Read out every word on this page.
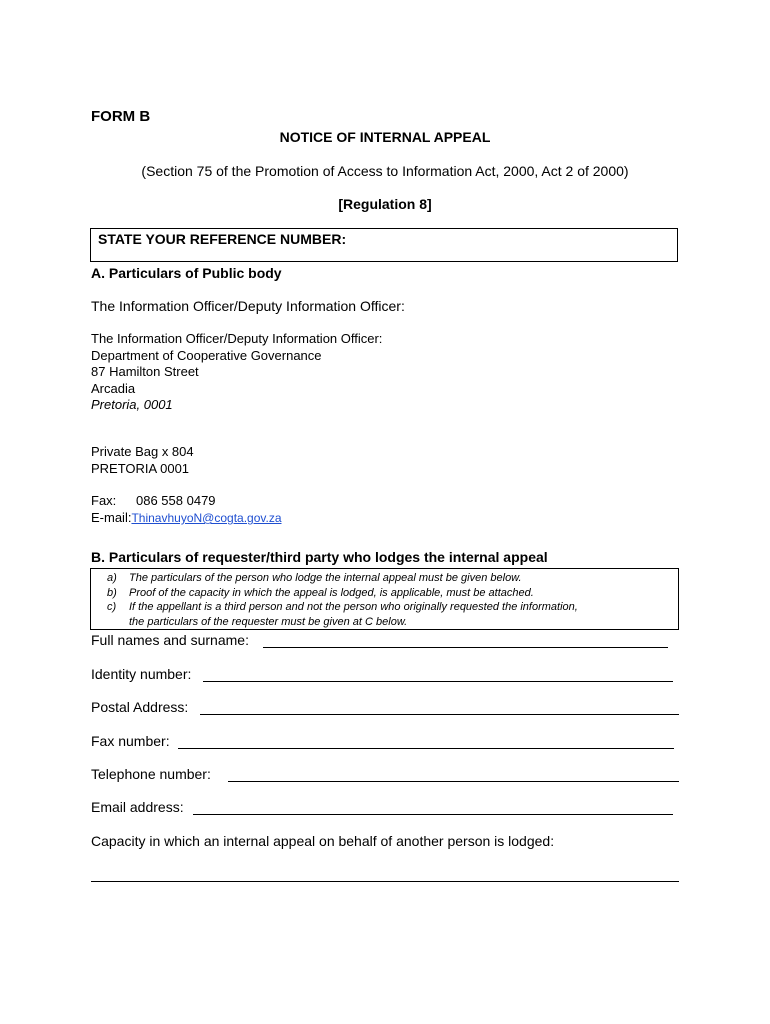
FORM B
NOTICE OF INTERNAL APPEAL
(Section 75 of the Promotion of Access to Information Act, 2000, Act 2 of 2000)
[Regulation 8]
STATE YOUR REFERENCE NUMBER:
A. Particulars of Public body
The Information Officer/Deputy Information Officer:
The Information Officer/Deputy Information Officer:
Department of Cooperative Governance
87 Hamilton Street
Arcadia
Pretoria, 0001
Private Bag x 804
PRETORIA 0001
Fax: 086 558 0479
E-mail:ThinavhuyoN@cogta.gov.za
B. Particulars of requester/third party who lodges the internal appeal
a) The particulars of the person who lodge the internal appeal must be given below.
b) Proof of the capacity in which the appeal is lodged, is applicable, must be attached.
c) If the appellant is a third person and not the person who originally requested the information,
the particulars of the requester must be given at C below.
Full names and surname:
Identity number:
Postal Address:
Fax number:
Telephone number:
Email address:
Capacity in which an internal appeal on behalf of another person is lodged:
